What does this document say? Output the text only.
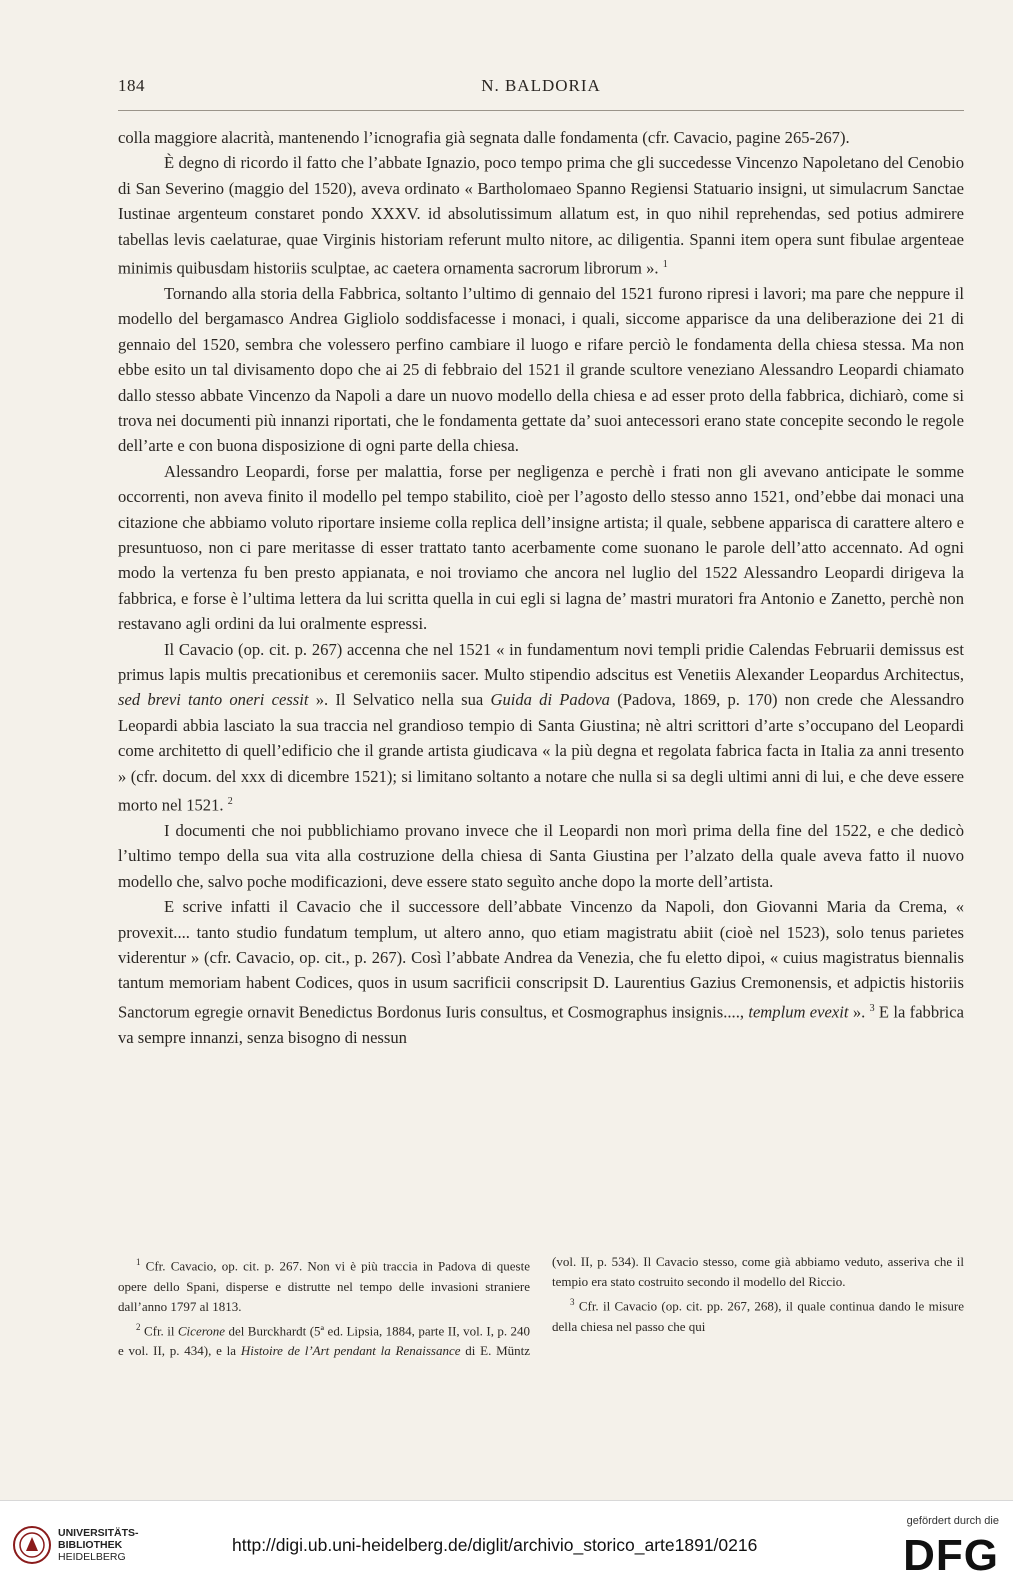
184	N. BALDORIA

colla maggiore alacrità, mantenendo l’icnografia già segnata dalle fondamenta (cfr. Cavacio, pagine 265-267).

È degno di ricordo il fatto che l’abbate Ignazio, poco tempo prima che gli succedesse Vincenzo Napoletano del Cenobio di San Severino (maggio del 1520), aveva ordinato « Bartholomaeo Spanno Regiensi Statuario insigni, ut simulacrum Sanctae Iustinae argenteum constaret pondo XXXV. id absolutissimum allatum est, in quo nihil reprehendas, sed potius admirere tabellas levis caelaturae, quae Virginis historiam referunt multo nitore, ac diligentia. Spanni item opera sunt fibulae argenteae minimis quibusdam historiis sculptae, ac caetera ornamenta sacrorum librorum ». $^1$

Tornando alla storia della Fabbrica, soltanto l’ultimo di gennaio del 1521 furono ripresi i lavori; ma pare che neppure il modello del bergamasco Andrea Gigliolo soddisfacesse i monaci, i quali, siccome apparisce da una deliberazione dei 21 di gennaio del 1520, sembra che volessero perfino cambiare il luogo e rifare perciò le fondamenta della chiesa stessa. Ma non ebbe esito un tal divisamento dopo che ai 25 di febbraio del 1521 il grande scultore veneziano Alessandro Leopardi chiamato dallo stesso abbate Vincenzo da Napoli a dare un nuovo modello della chiesa e ad esser proto della fabbrica, dichiarò, come si trova nei documenti più innanzi riportati, che le fondamenta gettate da’ suoi antecessori erano state concepite secondo le regole dell’arte e con buona disposizione di ogni parte della chiesa.

Alessandro Leopardi, forse per malattia, forse per negligenza e perchè i frati non gli avevano anticipate le somme occorrenti, non aveva finito il modello pel tempo stabilito, cioè per l’agosto dello stesso anno 1521, ond’ebbe dai monaci una citazione che abbiamo voluto riportare insieme colla replica dell’insigne artista; il quale, sebbene apparisca di carattere altero e presuntuoso, non ci pare meritasse di esser trattato tanto acerbamente come suonano le parole dell’atto accennato. Ad ogni modo la vertenza fu ben presto appianata, e noi troviamo che ancora nel luglio del 1522 Alessandro Leopardi dirigeva la fabbrica, e forse è l’ultima lettera da lui scritta quella in cui egli si lagna de’ mastri muratori fra Antonio e Zanetto, perchè non restavano agli ordini da lui oralmente espressi.

Il Cavacio (op. cit. p. 267) accenna che nel 1521 « in fundamentum novi templi pridie Calendas Februarii demissus est primus lapis multis precationibus et ceremoniis sacer. Multo stipendio adscitus est Venetiis Alexander Leopardus Architectus, sed brevi tanto oneri cessit ». Il Selvatico nella sua Guida di Padova (Padova, 1869, p. 170) non crede che Alessandro Leopardi abbia lasciato la sua traccia nel grandioso tempio di Santa Giustina; nè altri scrittori d’arte s’occupano del Leopardi come architetto di quell’edificio che il grande artista giudicava « la più degna et regolata fabrica facta in Italia za anni tresento » (cfr. docum. del xxx di dicembre 1521); si limitano soltanto a notare che nulla si sa degli ultimi anni di lui, e che deve essere morto nel 1521. $^2$

I documenti che noi pubblichiamo provano invece che il Leopardi non morì prima della fine del 1522, e che dedicò l’ultimo tempo della sua vita alla costruzione della chiesa di Santa Giustina per l’alzato della quale aveva fatto il nuovo modello che, salvo poche modificazioni, deve essere stato seguìto anche dopo la morte dell’artista.

E scrive infatti il Cavacio che il successore dell’abbate Vincenzo da Napoli, don Giovanni Maria da Crema, « provexit.... tanto studio fundatum templum, ut altero anno, quo etiam magistratu abiit (cioè nel 1523), solo tenus parietes viderentur » (cfr. Cavacio, op. cit., p. 267). Così l’abbate Andrea da Venezia, che fu eletto dipoi, « cuius magistratus biennalis tantum memoriam habent Codices, quos in usum sacrificii conscripsit D. Laurentius Gazius Cremonensis, et adpictis historiis Sanctorum egregie ornavit Benedictus Bordonus Iuris consultus, et Cosmographus insignis...., templum evexit ». $^3$ E la fabbrica va sempre innanzi, senza bisogno di nessun

$^1$ Cfr. Cavacio, op. cit. p. 267. Non vi è più traccia in Padova di queste opere dello Spani, disperse e distrutte nel tempo delle invasioni straniere dall’anno 1797 al 1813.

$^2$ Cfr. il Cicerone del Burckhardt (5ª ed. Lipsia, 1884, parte II, vol. I, p. 240 e vol. II, p. 434), e la Histoire de l’Art pendant la Renaissance di E. Müntz (vol. II, p. 534). Il Cavacio stesso, come già abbiamo veduto, asseriva che il tempio era stato costruito secondo il modello del Riccio.

$^3$ Cfr. il Cavacio (op. cit. pp. 267, 268), il quale continua dando le misure della chiesa nel passo che qui

UNIVERSITÄTS-
BIBLIOTHEK
HEIDELBERG
http://digi.ub.uni-heidelberg.de/diglit/archivio_storico_arte1891/0216
gefördert durch die
DFG
